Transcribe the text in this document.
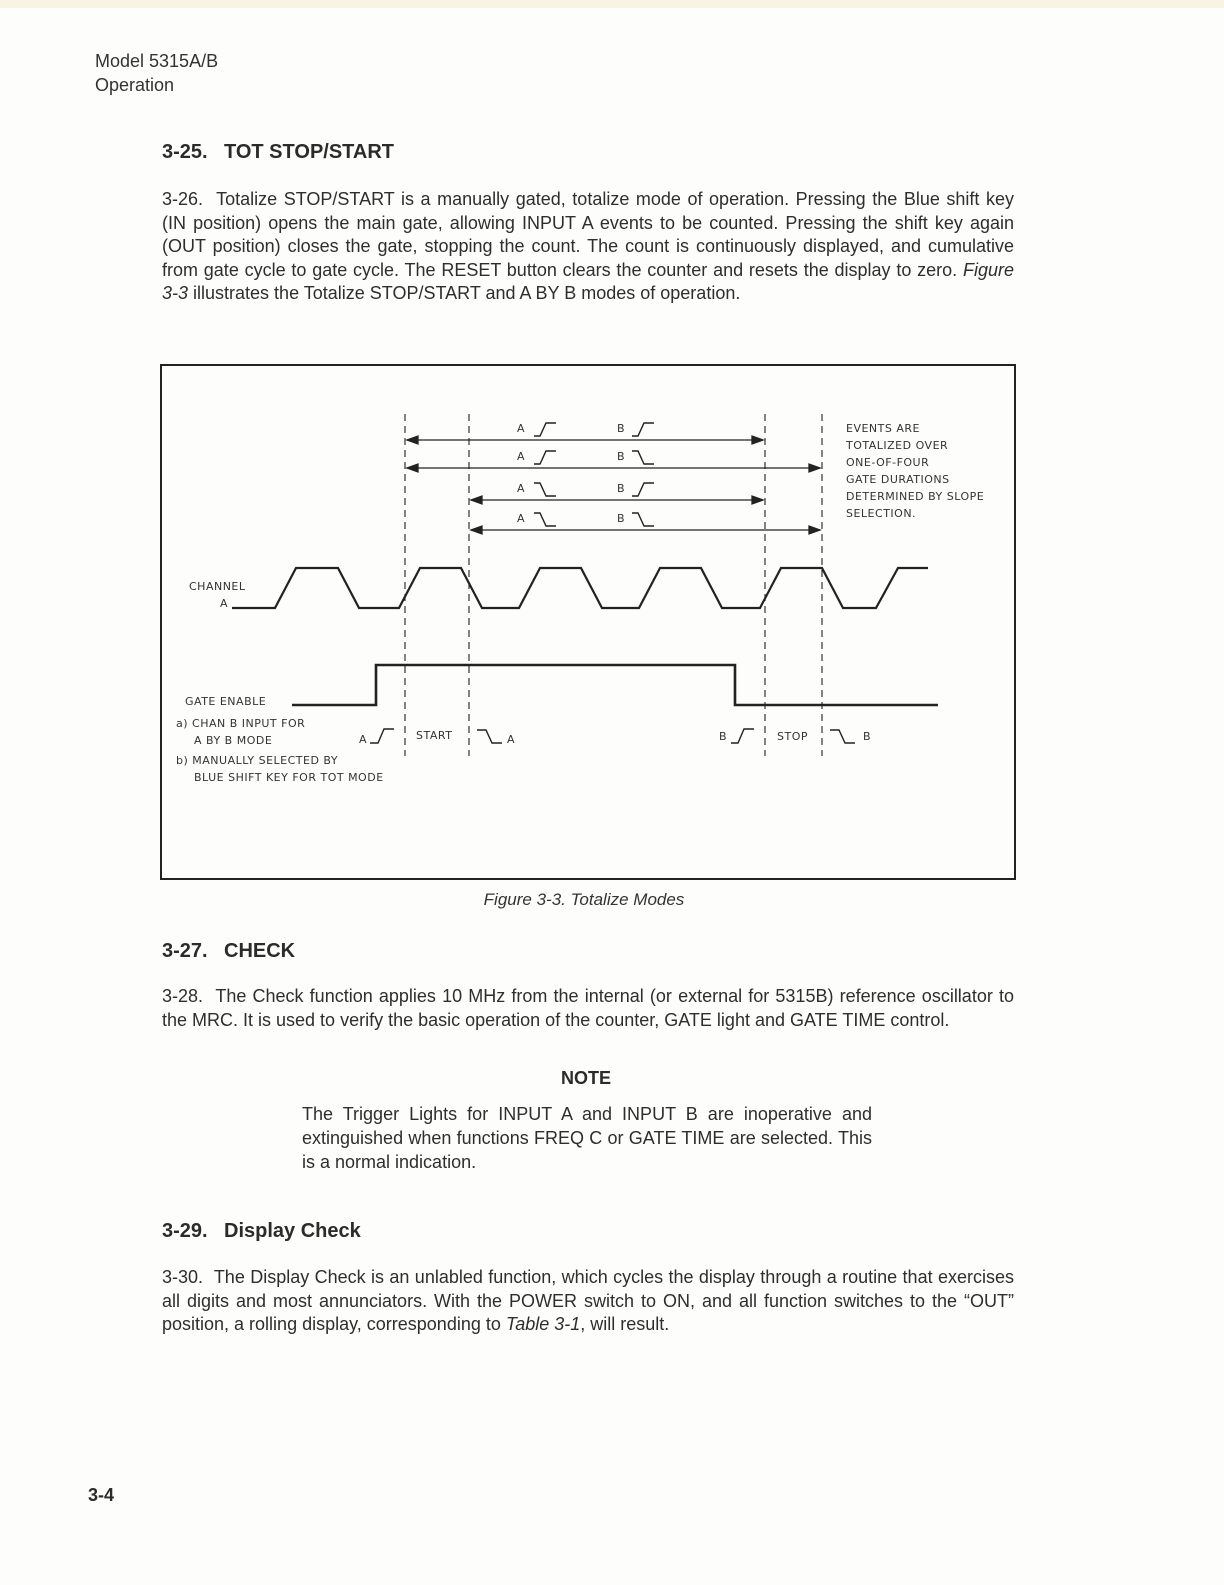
Model 5315A/B
Operation
3-25. TOT STOP/START
3-26. Totalize STOP/START is a manually gated, totalize mode of operation. Pressing the Blue shift key (IN position) opens the main gate, allowing INPUT A events to be counted. Pressing the shift key again (OUT position) closes the gate, stopping the count. The count is continuously displayed, and cumulative from gate cycle to gate cycle. The RESET button clears the counter and resets the display to zero. Figure 3-3 illustrates the Totalize STOP/START and A BY B modes of operation.
A	B
A	B
A	B
A	B
EVENTS ARE
TOTALIZED OVER
ONE-OF-FOUR
GATE DURATIONS
DETERMINED BY SLOPE
SELECTION.
CHANNEL
A
GATE ENABLE
a) CHAN B INPUT FOR
A BY B MODE
b) MANUALLY SELECTED BY
BLUE SHIFT KEY FOR TOT MODE
A	START	A	B	STOP	B
Figure 3-3. Totalize Modes
3-27. CHECK
3-28. The Check function applies 10 MHz from the internal (or external for 5315B) reference oscillator to the MRC. It is used to verify the basic operation of the counter, GATE light and GATE TIME control.
NOTE
The Trigger Lights for INPUT A and INPUT B are inoperative and extinguished when functions FREQ C or GATE TIME are selected. This is a normal indication.
3-29. Display Check
3-30. The Display Check is an unlabled function, which cycles the display through a routine that exercises all digits and most annunciators. With the POWER switch to ON, and all function switches to the “OUT” position, a rolling display, corresponding to Table 3-1, will result.
3-4
